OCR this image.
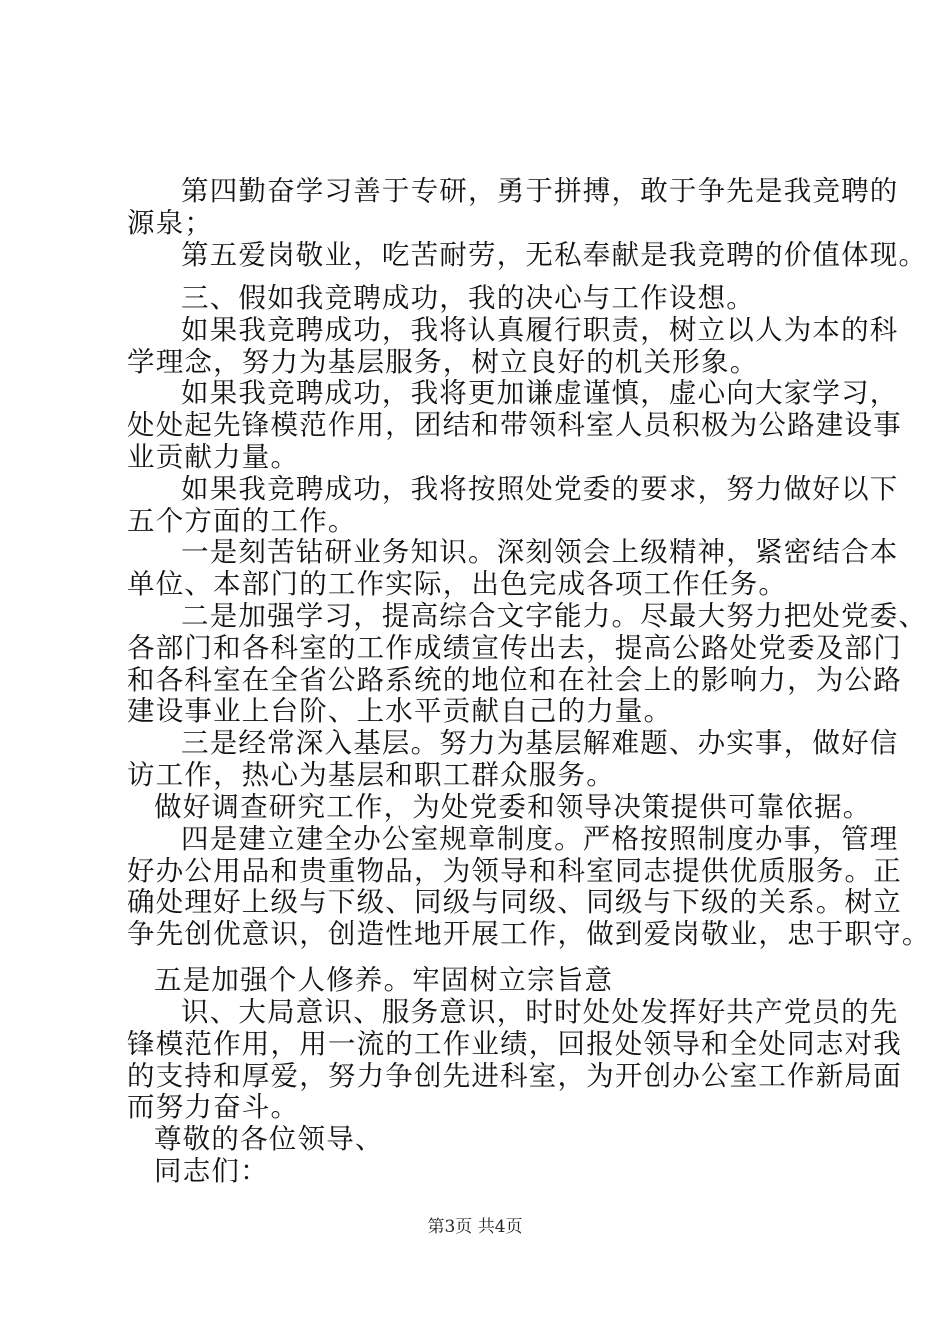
第四勤奋学习善于专研，勇于拼搏，敢于争先是我竞聘的
源泉；
第五爱岗敬业，吃苦耐劳，无私奉献是我竞聘的价值体现。
三、假如我竞聘成功，我的决心与工作设想。
如果我竞聘成功，我将认真履行职责，树立以人为本的科
学理念，努力为基层服务，树立良好的机关形象。
如果我竞聘成功，我将更加谦虚谨慎，虚心向大家学习，
处处起先锋模范作用，团结和带领科室人员积极为公路建设事
业贡献力量。
如果我竞聘成功，我将按照处党委的要求，努力做好以下
五个方面的工作。
一是刻苦钻研业务知识。深刻领会上级精神，紧密结合本
单位、本部门的工作实际，出色完成各项工作任务。
二是加强学习，提高综合文字能力。尽最大努力把处党委、
各部门和各科室的工作成绩宣传出去，提高公路处党委及部门
和各科室在全省公路系统的地位和在社会上的影响力，为公路
建设事业上台阶、上水平贡献自己的力量。
三是经常深入基层。努力为基层解难题、办实事，做好信
访工作，热心为基层和职工群众服务。
做好调查研究工作，为处党委和领导决策提供可靠依据。
四是建立建全办公室规章制度。严格按照制度办事，管理
好办公用品和贵重物品，为领导和科室同志提供优质服务。正
确处理好上级与下级、同级与同级、同级与下级的关系。树立
争先创优意识，创造性地开展工作，做到爱岗敬业，忠于职守。
五是加强个人修养。牢固树立宗旨意
识、大局意识、服务意识，时时处处发挥好共产党员的先
锋模范作用，用一流的工作业绩，回报处领导和全处同志对我
的支持和厚爱，努力争创先进科室，为开创办公室工作新局面
而努力奋斗。
尊敬的各位领导、
同志们：
第3页 共4页
